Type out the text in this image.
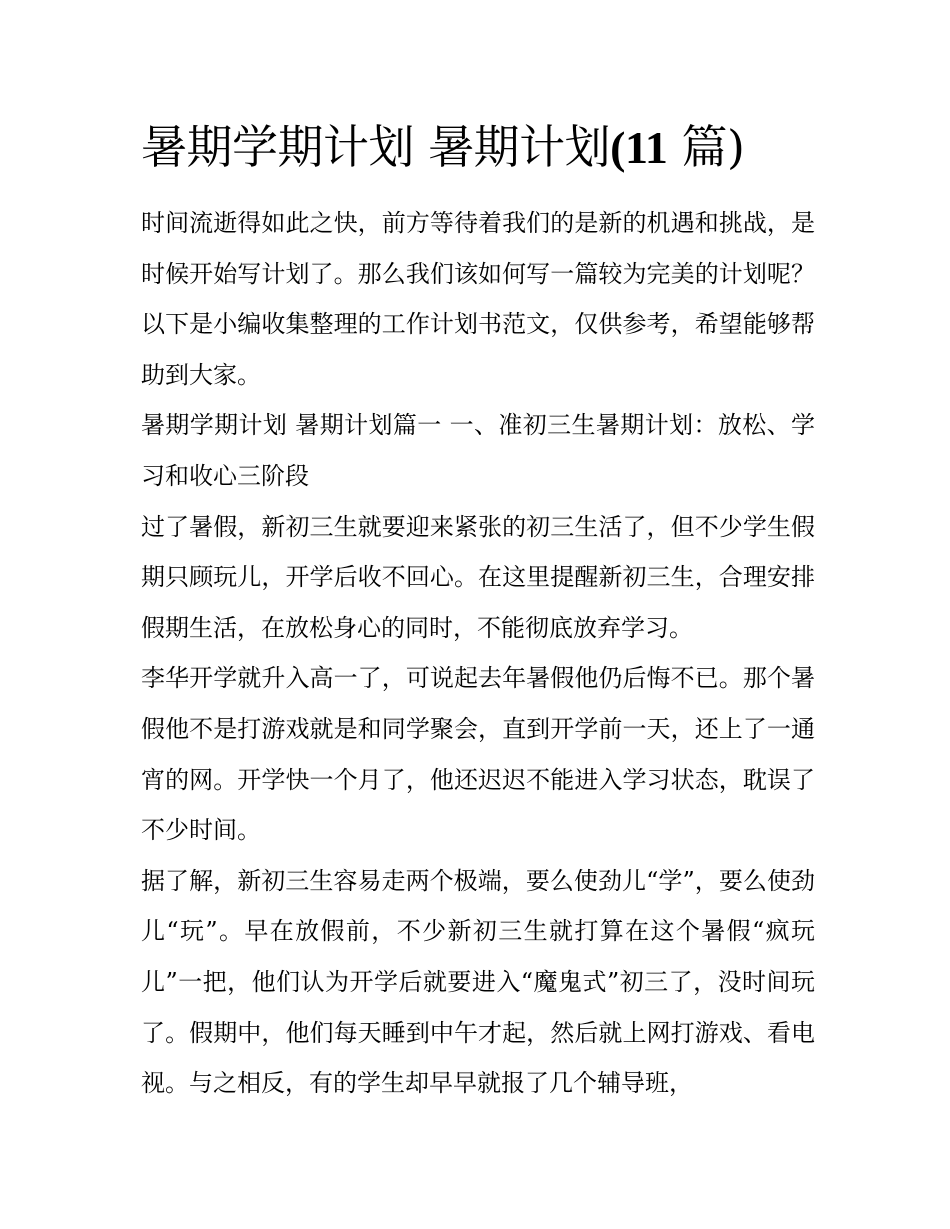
暑期学期计划 暑期计划(11 篇)

时间流逝得如此之快，前方等待着我们的是新的机遇和挑战，是时候开始写计划了。那么我们该如何写一篇较为完美的计划呢？以下是小编收集整理的工作计划书范文，仅供参考，希望能够帮助到大家。

暑期学期计划 暑期计划篇一 一、准初三生暑期计划：放松、学习和收心三阶段

过了暑假，新初三生就要迎来紧张的初三生活了，但不少学生假期只顾玩儿，开学后收不回心。在这里提醒新初三生，合理安排假期生活，在放松身心的同时，不能彻底放弃学习。

李华开学就升入高一了，可说起去年暑假他仍后悔不已。那个暑假他不是打游戏就是和同学聚会，直到开学前一天，还上了一通宵的网。开学快一个月了，他还迟迟不能进入学习状态，耽误了不少时间。

据了解，新初三生容易走两个极端，要么使劲儿“学”，要么使劲儿“玩”。早在放假前，不少新初三生就打算在这个暑假“疯玩儿”一把，他们认为开学后就要进入“魔鬼式”初三了，没时间玩了。假期中，他们每天睡到中午才起，然后就上网打游戏、看电视。与之相反，有的学生却早早就报了几个辅导班，
